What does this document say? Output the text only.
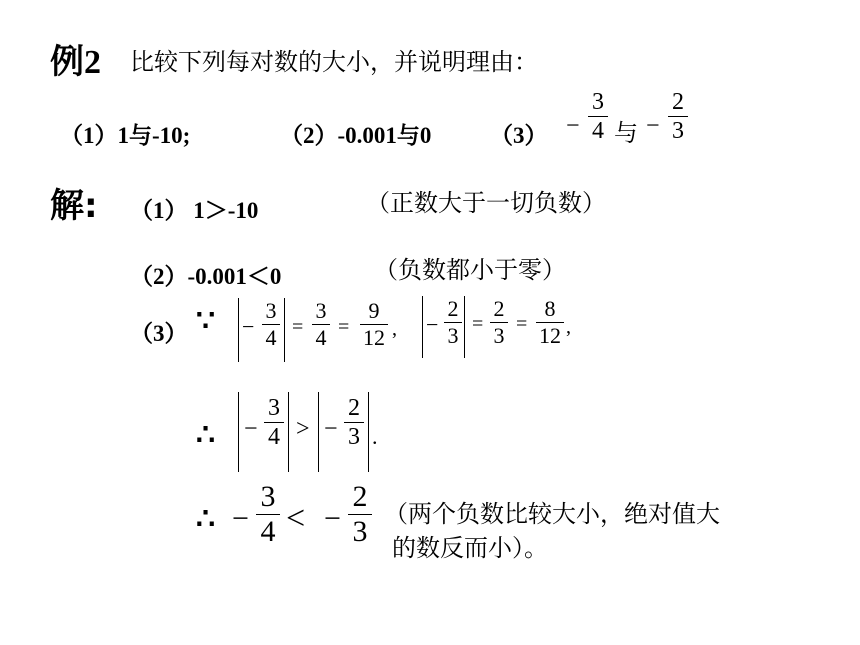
例2 比较下列每对数的大小，并说明理由：
（1）1与-10;	（2）-0.001与0	（3） −
3
4 与 −
2
3
解: （1） 1＞-10	（正数大于一切负数）
（2）-0.001＜0	（负数都小于零）
（3） ∵ −
3
4 =
3
4 =
9
12 , −
2
3 =
2
3 =
8
12 ,
∴ −
3
4 > −
2
3 .
∴ −
3
4 < −
2
3
（两个负数比较大小，绝对值大
的数反而小）。
